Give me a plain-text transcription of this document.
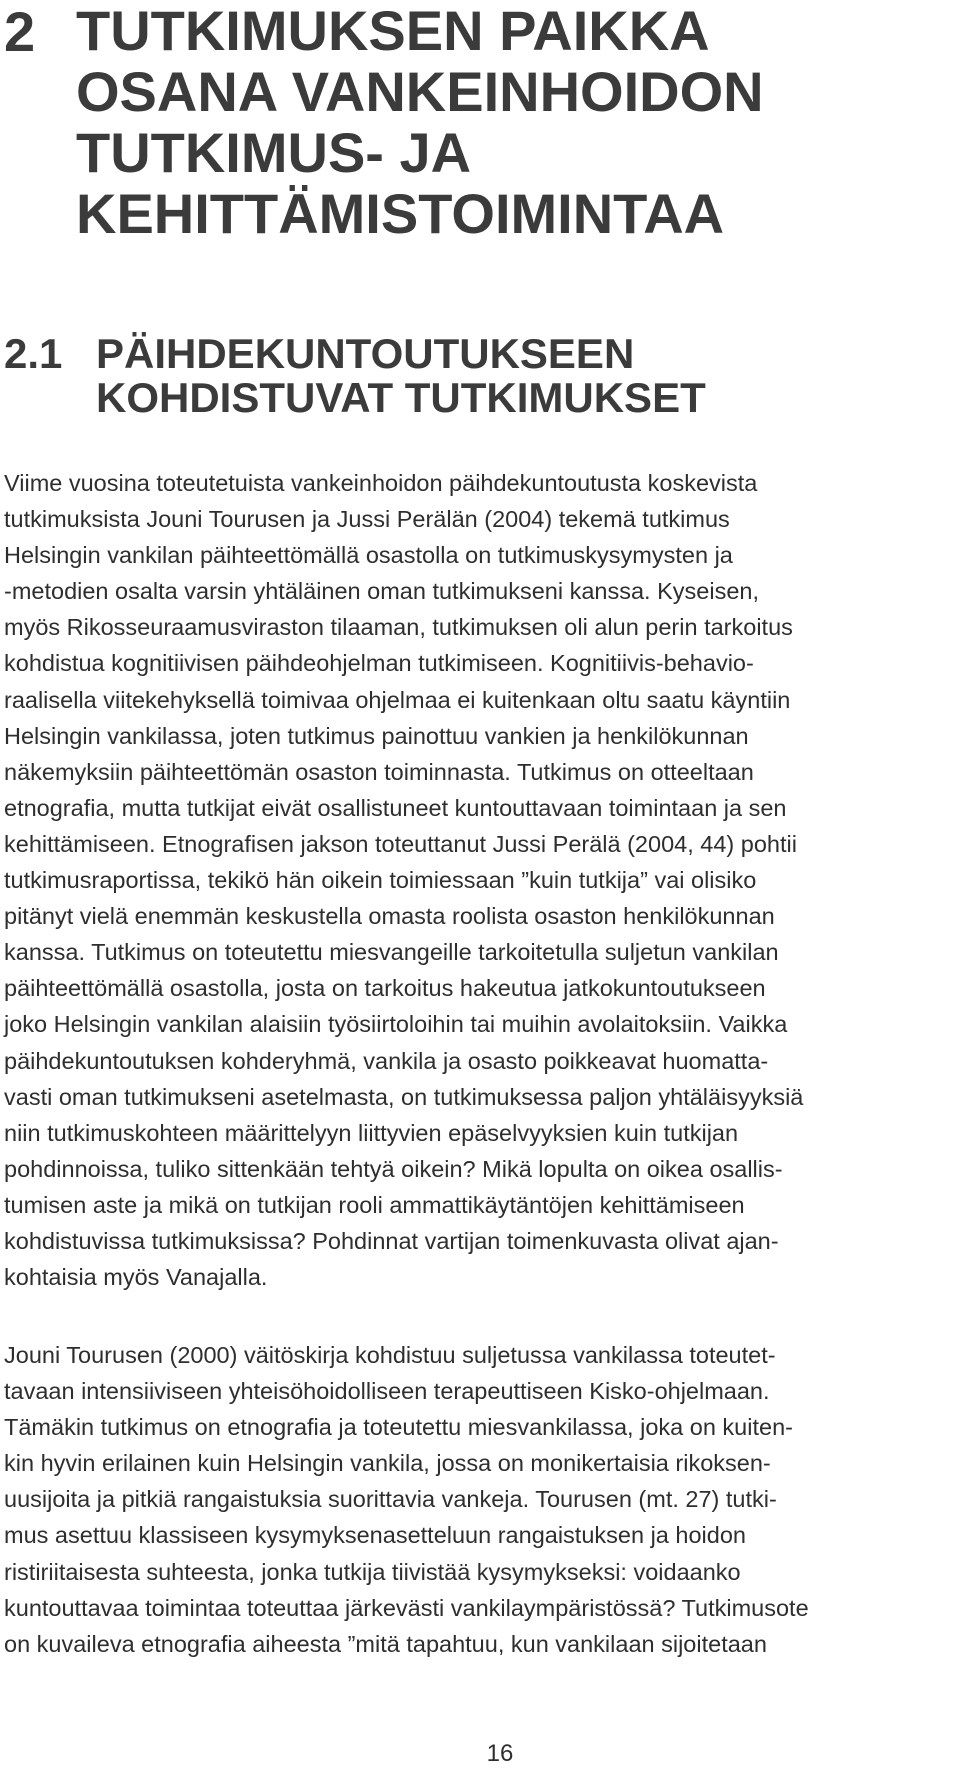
2 TUTKIMUKSEN PAIKKA
OSANA VANKEINHOIDON
TUTKIMUS- JA
KEHITTÄMISTOIMINTAA
2.1 PÄIHDEKUNTOUTUKSEEN
KOHDISTUVAT TUTKIMUKSET
Viime vuosina toteutetuista vankeinhoidon päihdekuntoutusta koskevista
tutkimuksista Jouni Tourusen ja Jussi Perälän (2004) tekemä tutkimus
Helsingin vankilan päihteettömällä osastolla on tutkimuskysymysten ja
-metodien osalta varsin yhtäläinen oman tutkimukseni kanssa. Kyseisen,
myös Rikosseuraamusviraston tilaaman, tutkimuksen oli alun perin tarkoitus
kohdistua kognitiivisen päihdeohjelman tutkimiseen. Kognitiivis-behavio-
raalisella viitekehyksellä toimivaa ohjelmaa ei kuitenkaan oltu saatu käyntiin
Helsingin vankilassa, joten tutkimus painottuu vankien ja henkilökunnan
näkemyksiin päihteettömän osaston toiminnasta. Tutkimus on otteeltaan
etnografia, mutta tutkijat eivät osallistuneet kuntouttavaan toimintaan ja sen
kehittämiseen. Etnografisen jakson toteuttanut Jussi Perälä (2004, 44) pohtii
tutkimusraportissa, tekikö hän oikein toimiessaan ”kuin tutkija” vai olisiko
pitänyt vielä enemmän keskustella omasta roolista osaston henkilökunnan
kanssa. Tutkimus on toteutettu miesvangeille tarkoitetulla suljetun vankilan
päihteettömällä osastolla, josta on tarkoitus hakeutua jatkokuntoutukseen
joko Helsingin vankilan alaisiin työsiirtoloihin tai muihin avolaitoksiin. Vaikka
päihdekuntoutuksen kohderyhmä, vankila ja osasto poikkeavat huomatta-
vasti oman tutkimukseni asetelmasta, on tutkimuksessa paljon yhtäläisyyksiä
niin tutkimuskohteen määrittelyyn liittyvien epäselvyyksien kuin tutkijan
pohdinnoissa, tuliko sittenkään tehtyä oikein? Mikä lopulta on oikea osallis-
tumisen aste ja mikä on tutkijan rooli ammattikäytäntöjen kehittämiseen
kohdistuvissa tutkimuksissa? Pohdinnat vartijan toimenkuvasta olivat ajan-
kohtaisia myös Vanajalla.
Jouni Tourusen (2000) väitöskirja kohdistuu suljetussa vankilassa toteutet-
tavaan intensiiviseen yhteisöhoidolliseen terapeuttiseen Kisko-ohjelmaan.
Tämäkin tutkimus on etnografia ja toteutettu miesvankilassa, joka on kuiten-
kin hyvin erilainen kuin Helsingin vankila, jossa on monikertaisia rikoksen-
uusijoita ja pitkiä rangaistuksia suorittavia vankeja. Tourusen (mt. 27) tutki-
mus asettuu klassiseen kysymyksenasetteluun rangaistuksen ja hoidon
ristiriitaisesta suhteesta, jonka tutkija tiivistää kysymykseksi: voidaanko
kuntouttavaa toimintaa toteuttaa järkevästi vankilaympäristössä? Tutkimusote
on kuvaileva etnografia aiheesta ”mitä tapahtuu, kun vankilaan sijoitetaan
16
